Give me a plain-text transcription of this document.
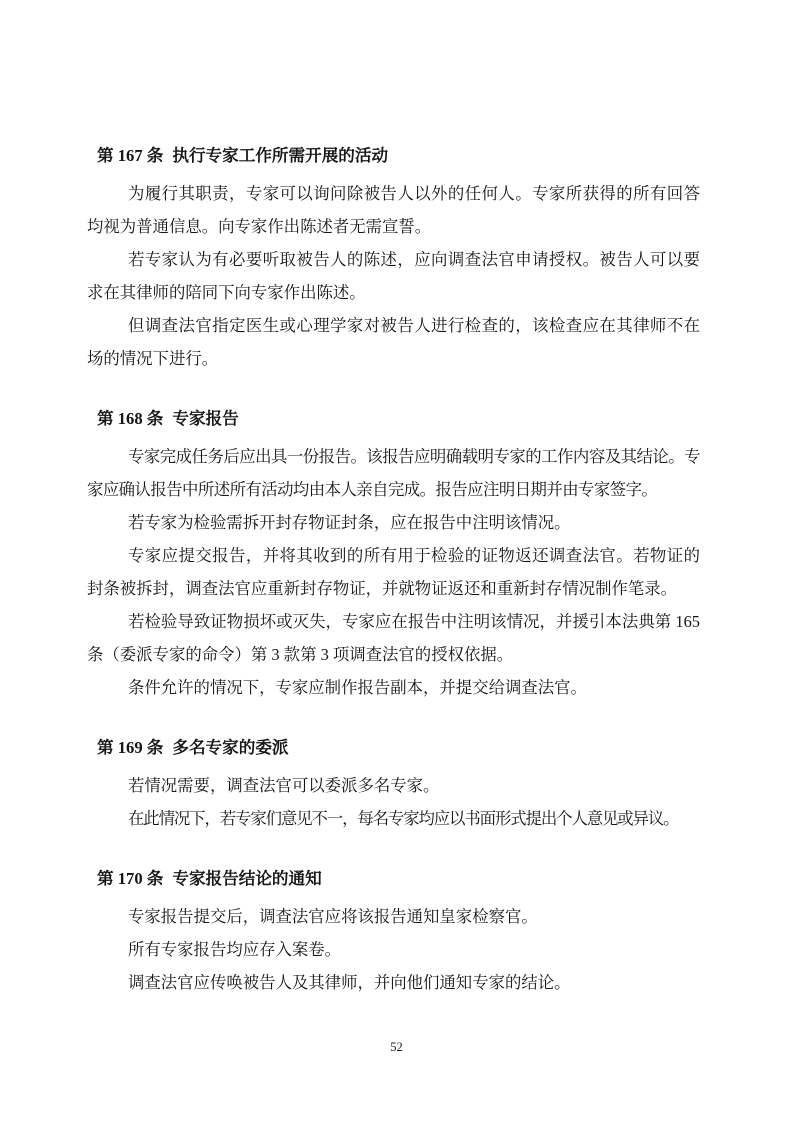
第 167 条 执行专家工作所需开展的活动

为履行其职责，专家可以询问除被告人以外的任何人。专家所获得的所有回答均视为普通信息。向专家作出陈述者无需宣誓。

若专家认为有必要听取被告人的陈述，应向调查法官申请授权。被告人可以要求在其律师的陪同下向专家作出陈述。

但调查法官指定医生或心理学家对被告人进行检查的，该检查应在其律师不在场的情况下进行。

第 168 条 专家报告

专家完成任务后应出具一份报告。该报告应明确载明专家的工作内容及其结论。专家应确认报告中所述所有活动均由本人亲自完成。报告应注明日期并由专家签字。

若专家为检验需拆开封存物证封条，应在报告中注明该情况。

专家应提交报告，并将其收到的所有用于检验的证物返还调查法官。若物证的封条被拆封，调查法官应重新封存物证，并就物证返还和重新封存情况制作笔录。

若检验导致证物损坏或灭失，专家应在报告中注明该情况，并援引本法典第 165 条（委派专家的命令）第 3 款第 3 项调查法官的授权依据。

条件允许的情况下，专家应制作报告副本，并提交给调查法官。

第 169 条 多名专家的委派

若情况需要，调查法官可以委派多名专家。

在此情况下，若专家们意见不一，每名专家均应以书面形式提出个人意见或异议。

第 170 条 专家报告结论的通知

专家报告提交后，调查法官应将该报告通知皇家检察官。

所有专家报告均应存入案卷。

调查法官应传唤被告人及其律师，并向他们通知专家的结论。

52
